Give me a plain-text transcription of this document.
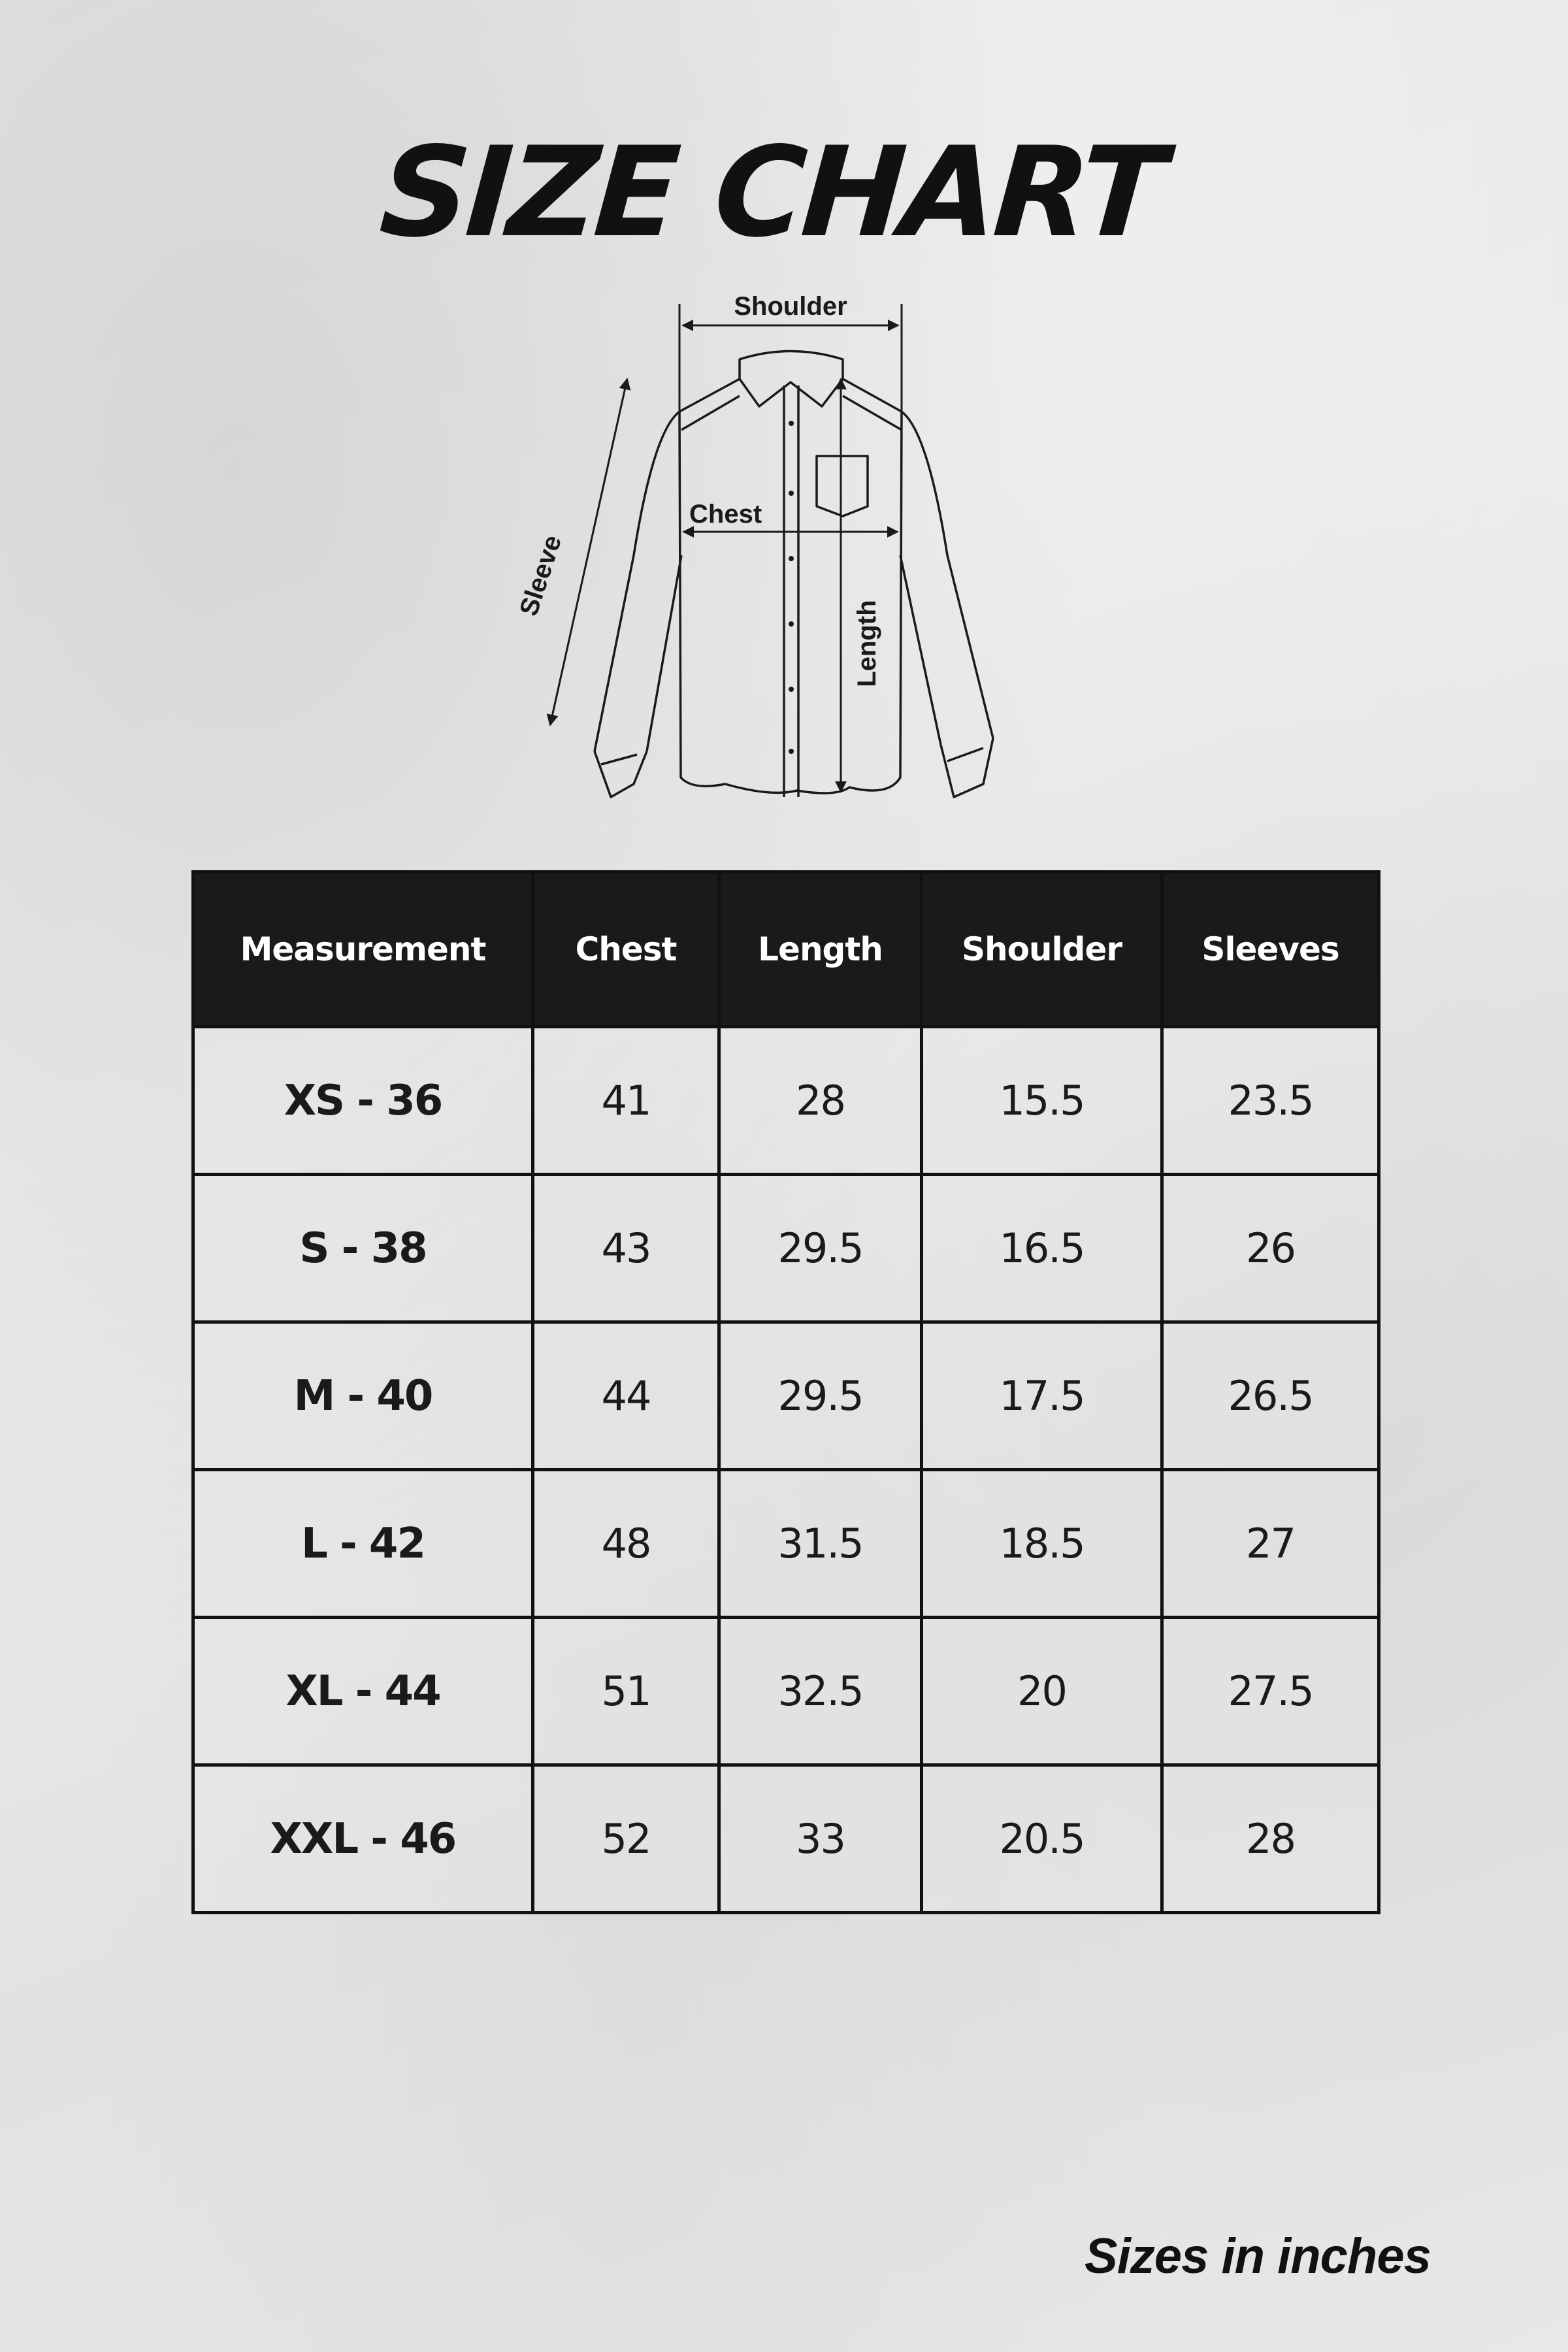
SIZE CHART
Shoulder
Chest
Length
Sleeve
Measurement	Chest	Length	Shoulder	Sleeves
XS - 36	41	28	15.5	23.5
S - 38	43	29.5	16.5	26
M - 40	44	29.5	17.5	26.5
L - 42	48	31.5	18.5	27
XL - 44	51	32.5	20	27.5
XXL - 46	52	33	20.5	28
Sizes in inches
